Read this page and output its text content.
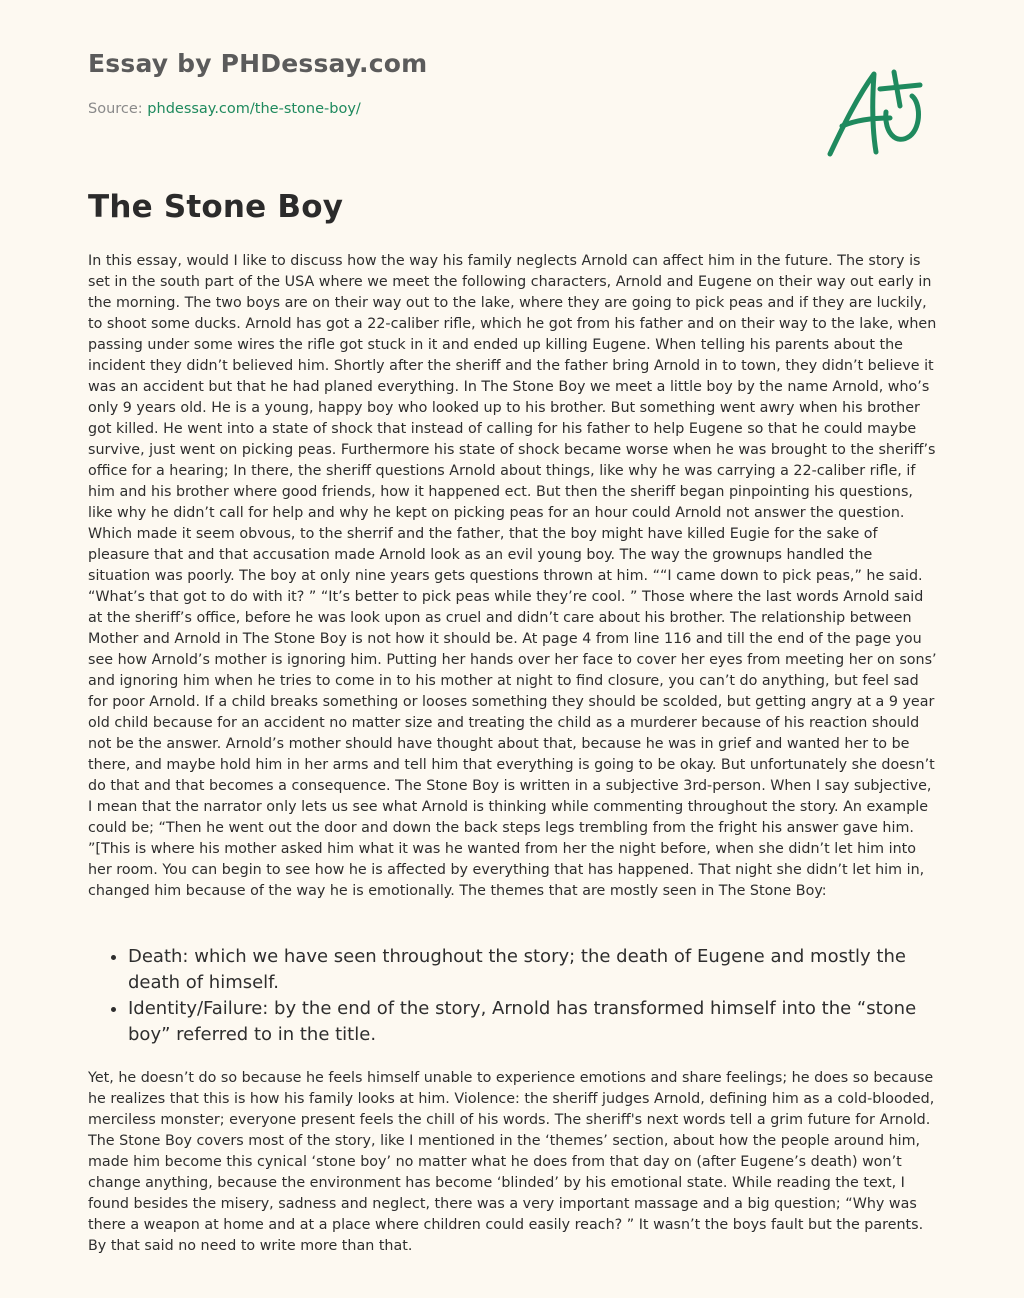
Essay by PHDessay.com
Source: phdessay.com/the-stone-boy/
The Stone Boy

In this essay, would I like to discuss how the way his family neglects Arnold can affect him in the future. The story is set in the south part of the USA where we meet the following characters, Arnold and Eugene on their way out early in the morning. The two boys are on their way out to the lake, where they are going to pick peas and if they are luckily, to shoot some ducks. Arnold has got a 22-caliber rifle, which he got from his father and on their way to the lake, when passing under some wires the rifle got stuck in it and ended up killing Eugene. When telling his parents about the incident they didn’t believed him. Shortly after the sheriff and the father bring Arnold in to town, they didn’t believe it was an accident but that he had planed everything. In The Stone Boy we meet a little boy by the name Arnold, who’s only 9 years old. He is a young, happy boy who looked up to his brother. But something went awry when his brother got killed. He went into a state of shock that instead of calling for his father to help Eugene so that he could maybe survive, just went on picking peas. Furthermore his state of shock became worse when he was brought to the sheriff’s office for a hearing; In there, the sheriff questions Arnold about things, like why he was carrying a 22-caliber rifle, if him and his brother where good friends, how it happened ect. But then the sheriff began pinpointing his questions, like why he didn’t call for help and why he kept on picking peas for an hour could Arnold not answer the question. Which made it seem obvous, to the sherrif and the father, that the boy might have killed Eugie for the sake of pleasure that and that accusation made Arnold look as an evil young boy. The way the grownups handled the situation was poorly. The boy at only nine years gets questions thrown at him. ““I came down to pick peas,” he said. “What’s that got to do with it? ” “It’s better to pick peas while they’re cool. ” Those where the last words Arnold said at the sheriff’s office, before he was look upon as cruel and didn’t care about his brother. The relationship between Mother and Arnold in The Stone Boy is not how it should be. At page 4 from line 116 and till the end of the page you see how Arnold’s mother is ignoring him. Putting her hands over her face to cover her eyes from meeting her on sons’ and ignoring him when he tries to come in to his mother at night to find closure, you can’t do anything, but feel sad for poor Arnold. If a child breaks something or looses something they should be scolded, but getting angry at a 9 year old child because for an accident no matter size and treating the child as a murderer because of his reaction should not be the answer. Arnold’s mother should have thought about that, because he was in grief and wanted her to be there, and maybe hold him in her arms and tell him that everything is going to be okay. But unfortunately she doesn’t do that and that becomes a consequence. The Stone Boy is written in a subjective 3rd-person. When I say subjective, I mean that the narrator only lets us see what Arnold is thinking while commenting throughout the story. An example could be; “Then he went out the door and down the back steps legs trembling from the fright his answer gave him. ”[This is where his mother asked him what it was he wanted from her the night before, when she didn’t let him into her room. You can begin to see how he is affected by everything that has happened. That night she didn’t let him in, changed him because of the way he is emotionally. The themes that are mostly seen in The Stone Boy:

• Death: which we have seen throughout the story; the death of Eugene and mostly the death of himself.
• Identity/Failure: by the end of the story, Arnold has transformed himself into the “stone boy” referred to in the title.

Yet, he doesn’t do so because he feels himself unable to experience emotions and share feelings; he does so because he realizes that this is how his family looks at him. Violence: the sheriff judges Arnold, defining him as a cold-blooded, merciless monster; everyone present feels the chill of his words. The sheriff's next words tell a grim future for Arnold. The Stone Boy covers most of the story, like I mentioned in the ‘themes’ section, about how the people around him, made him become this cynical ‘stone boy’ no matter what he does from that day on (after Eugene’s death) won’t change anything, because the environment has become ‘blinded’ by his emotional state. While reading the text, I found besides the misery, sadness and neglect, there was a very important massage and a big question; “Why was there a weapon at home and at a place where children could easily reach? ” It wasn’t the boys fault but the parents. By that said no need to write more than that.
